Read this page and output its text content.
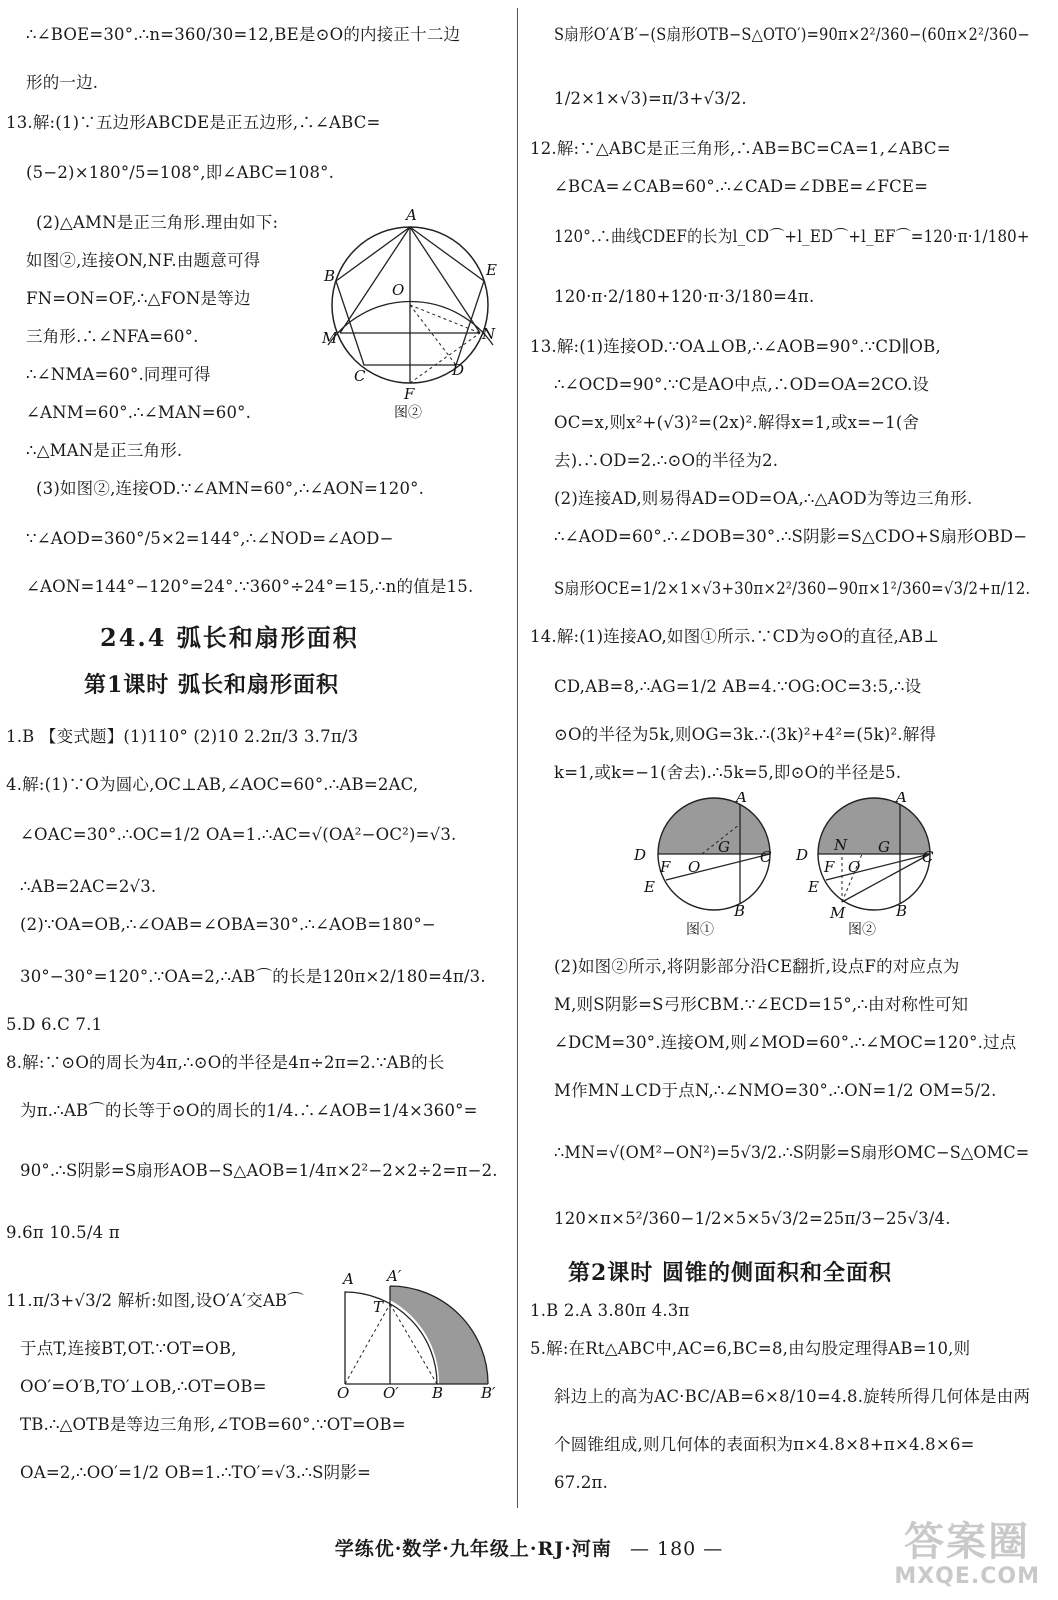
∴∠BOE=30°.∴n=360/30=12,BE是⊙O的内接正十二边
形的一边.
13.解:(1)∵五边形ABCDE是正五边形,∴∠ABC=
(5−2)×180°/5=108°,即∠ABC=108°.
(2)△AMN是正三角形.理由如下:
如图②,连接ON,NF.由题意可得
FN=ON=OF,∴△FON是等边
三角形.∴∠NFA=60°.
∴∠NMA=60°.同理可得
∠ANM=60°.∴∠MAN=60°.
∴△MAN是正三角形.
(3)如图②,连接OD.∵∠AMN=60°,∴∠AON=120°.
∵∠AOD=360°/5×2=144°,∴∠NOD=∠AOD−
∠AON=144°−120°=24°.∵360°÷24°=15,∴n的值是15.
24.4 弧长和扇形面积
第1课时 弧长和扇形面积
1.B 【变式题】(1)110° (2)10 2.2π/3 3.7π/3
4.解:(1)∵O为圆心,OC⊥AB,∠AOC=60°.∴AB=2AC,
∠OAC=30°.∴OC=1/2 OA=1.∴AC=√(OA²−OC²)=√3.
∴AB=2AC=2√3.
(2)∵OA=OB,∴∠OAB=∠OBA=30°.∴∠AOB=180°−
30°−30°=120°.∵OA=2,∴AB⌒的长是120π×2/180=4π/3.
5.D 6.C 7.1
8.解:∵⊙O的周长为4π,∴⊙O的半径是4π÷2π=2.∵AB的长
为π.∴AB⌒的长等于⊙O的周长的1/4.∴∠AOB=1/4×360°=
90°.∴S阴影=S扇形AOB−S△AOB=1/4π×2²−2×2÷2=π−2.
9.6π 10.5/4 π
11.π/3+√3/2 解析:如图,设O′A′交AB⌒
于点T,连接BT,OT.∵OT=OB,
OO′=O′B,TO′⊥OB,∴OT=OB=
TB.∴△OTB是等边三角形,∠TOB=60°.∵OT=OB=
OA=2,∴OO′=1/2 OB=1.∴TO′=√3.∴S阴影=
A
B	E
O
M	N
C	D
F
图②
A A′
T
O O′ B	B′
S扇形O′A′B′−(S扇形OTB−S△OTO′)=90π×2²/360−(60π×2²/360−
1/2×1×√3)=π/3+√3/2.
12.解:∵△ABC是正三角形,∴AB=BC=CA=1,∠ABC=
∠BCA=∠CAB=60°.∴∠CAD=∠DBE=∠FCE=
120°.∴曲线CDEF的长为l_CD⌒+l_ED⌒+l_EF⌒=120·π·1/180+
120·π·2/180+120·π·3/180=4π.
13.解:(1)连接OD.∵OA⊥OB,∴∠AOB=90°.∵CD∥OB,
∴∠OCD=90°.∵C是AO中点,∴OD=OA=2CO.设
OC=x,则x²+(√3)²=(2x)².解得x=1,或x=−1(舍
去).∴OD=2.∴⊙O的半径为2.
(2)连接AD,则易得AD=OD=OA,∴△AOD为等边三角形.
∴∠AOD=60°.∴∠DOB=30°.∴S阴影=S△CDO+S扇形OBD−
S扇形OCE=1/2×1×√3+30π×2²/360−90π×1²/360=√3/2+π/12.
14.解:(1)连接AO,如图①所示.∵CD为⊙O的直径,AB⊥
CD,AB=8,∴AG=1/2 AB=4.∵OG:OC=3:5,∴设
⊙O的半径为5k,则OG=3k.∴(3k)²+4²=(5k)².解得
k=1,或k=−1(舍去).∴5k=5,即⊙O的半径是5.
A
D
F O
G
C
E
B
图①
A
D
N
F O
G
C
E
M	B
图②
(2)如图②所示,将阴影部分沿CE翻折,设点F的对应点为
M,则S阴影=S弓形CBM.∵∠ECD=15°,∴由对称性可知
∠DCM=30°.连接OM,则∠MOD=60°.∴∠MOC=120°.过点
M作MN⊥CD于点N,∴∠NMO=30°.∴ON=1/2 OM=5/2.
∴MN=√(OM²−ON²)=5√3/2.∴S阴影=S扇形OMC−S△OMC=
120×π×5²/360−1/2×5×5√3/2=25π/3−25√3/4.
第2课时 圆锥的侧面积和全面积
1.B 2.A 3.80π 4.3π
5.解:在Rt△ABC中,AC=6,BC=8,由勾股定理得AB=10,则
斜边上的高为AC·BC/AB=6×8/10=4.8.旋转所得几何体是由两
个圆锥组成,则几何体的表面积为π×4.8×8+π×4.8×6=
67.2π.
学练优·数学·九年级上·RJ·河南 — 180 —	答案圈
MXQE.COM
